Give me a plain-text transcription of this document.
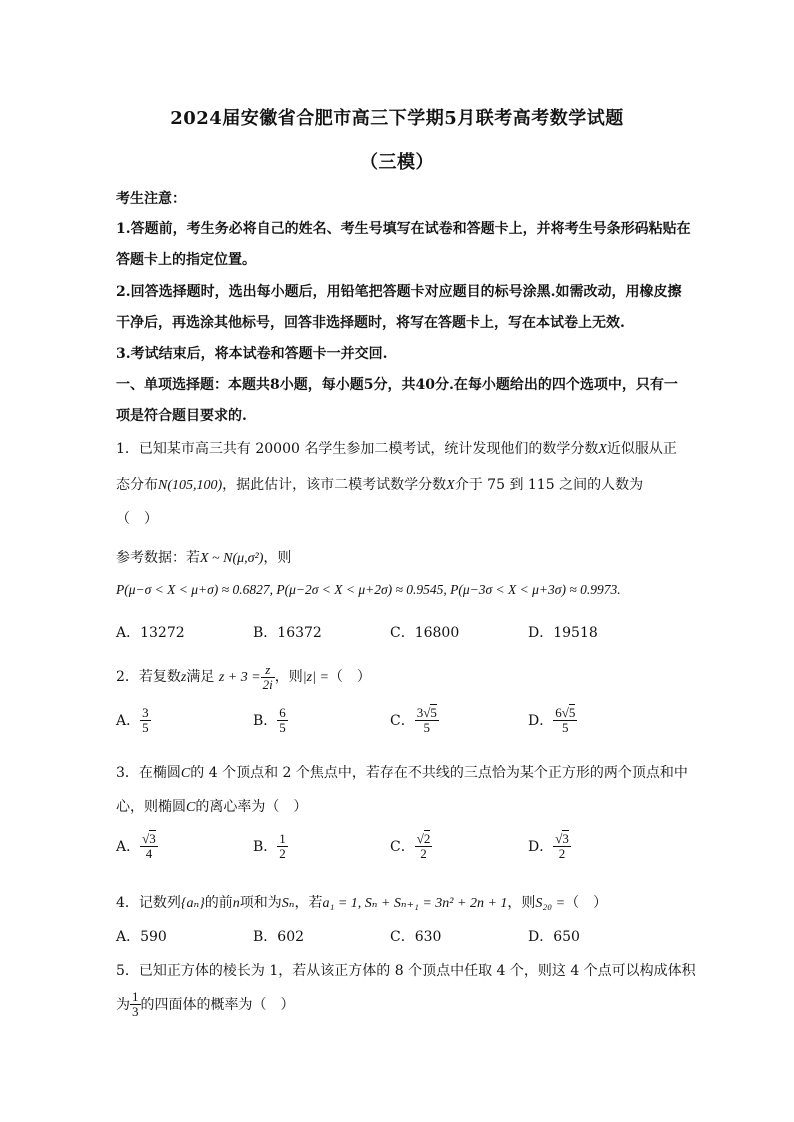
2024届安徽省合肥市高三下学期5月联考高考数学试题
（三模）
考生注意：
1.答题前，考生务必将自己的姓名、考生号填写在试卷和答题卡上，并将考生号条形码粘贴在
答题卡上的指定位置。
2.回答选择题时，选出每小题后，用铅笔把答题卡对应题目的标号涂黑.如需改动，用橡皮擦
干净后，再选涂其他标号，回答非选择题时，将写在答题卡上，写在本试卷上无效.
3.考试结束后，将本试卷和答题卡一并交回.
一、单项选择题：本题共8小题，每小题5分，共40分.在每小题给出的四个选项中，只有一
项是符合题目要求的.
1．已知某市高三共有 20000 名学生参加二模考试，统计发现他们的数学分数X近似服从正
态分布N(105,100)，据此估计，该市二模考试数学分数X介于 75 到 115 之间的人数为
（　）
参考数据：若X ~ N(μ,σ²)，则
P(μ−σ < X < μ+σ) ≈ 0.6827, P(μ−2σ < X < μ+2σ) ≈ 0.9545, P(μ−3σ < X < μ+3σ) ≈ 0.9973.
A．13272	B．16372	C．16800	D．19518
2．若复数z满足 $z + 3 = \frac{z}{2i}$ ，则|z| =（　）
A． $\frac{3}{5}$	B． $\frac{6}{5}$	C． $\frac{3√5}{5}$	D． $\frac{6√5}{5}$
3．在椭圆C的 4 个顶点和 2 个焦点中，若存在不共线的三点恰为某个正方形的两个顶点和中
心，则椭圆C的离心率为（　）
A． $\frac{√3}{4}$	B． $\frac{1}{2}$	C． $\frac{√2}{2}$	D． $\frac{√3}{2}$
4．记数列{aₙ}的前n项和为Sₙ，若a₁ = 1, Sₙ + Sₙ₊₁ = 3n² + 2n + 1，则S₂₀ =（　）
A．590	B．602	C．630	D．650
5．已知正方体的棱长为 1，若从该正方体的 8 个顶点中任取 4 个，则这 4 个点可以构成体积
为 $\frac{1}{3}$ 的四面体的概率为（　）
